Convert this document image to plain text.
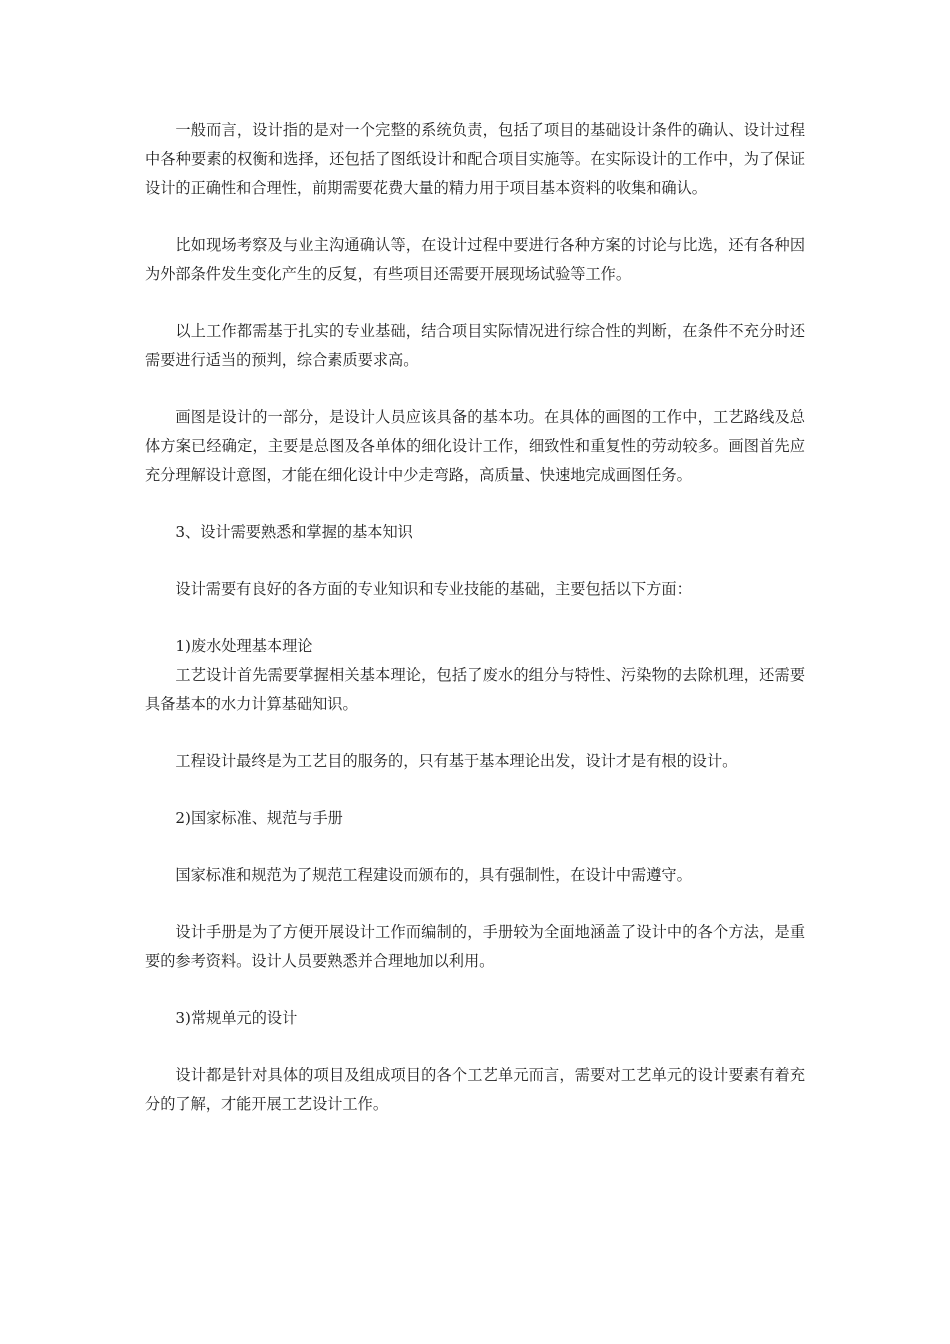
一般而言，设计指的是对一个完整的系统负责，包括了项目的基础设计条件的确认、设计过程中各种要素的权衡和选择，还包括了图纸设计和配合项目实施等。在实际设计的工作中，为了保证设计的正确性和合理性，前期需要花费大量的精力用于项目基本资料的收集和确认。

比如现场考察及与业主沟通确认等，在设计过程中要进行各种方案的讨论与比选，还有各种因为外部条件发生变化产生的反复，有些项目还需要开展现场试验等工作。

以上工作都需基于扎实的专业基础，结合项目实际情况进行综合性的判断，在条件不充分时还需要进行适当的预判，综合素质要求高。

画图是设计的一部分，是设计人员应该具备的基本功。在具体的画图的工作中，工艺路线及总体方案已经确定，主要是总图及各单体的细化设计工作，细致性和重复性的劳动较多。画图首先应充分理解设计意图，才能在细化设计中少走弯路，高质量、快速地完成画图任务。

3、设计需要熟悉和掌握的基本知识

设计需要有良好的各方面的专业知识和专业技能的基础，主要包括以下方面：

1)废水处理基本理论

工艺设计首先需要掌握相关基本理论，包括了废水的组分与特性、污染物的去除机理，还需要具备基本的水力计算基础知识。

工程设计最终是为工艺目的服务的，只有基于基本理论出发，设计才是有根的设计。

2)国家标准、规范与手册

国家标准和规范为了规范工程建设而颁布的，具有强制性，在设计中需遵守。

设计手册是为了方便开展设计工作而编制的，手册较为全面地涵盖了设计中的各个方法，是重要的参考资料。设计人员要熟悉并合理地加以利用。

3)常规单元的设计

设计都是针对具体的项目及组成项目的各个工艺单元而言，需要对工艺单元的设计要素有着充分的了解，才能开展工艺设计工作。
